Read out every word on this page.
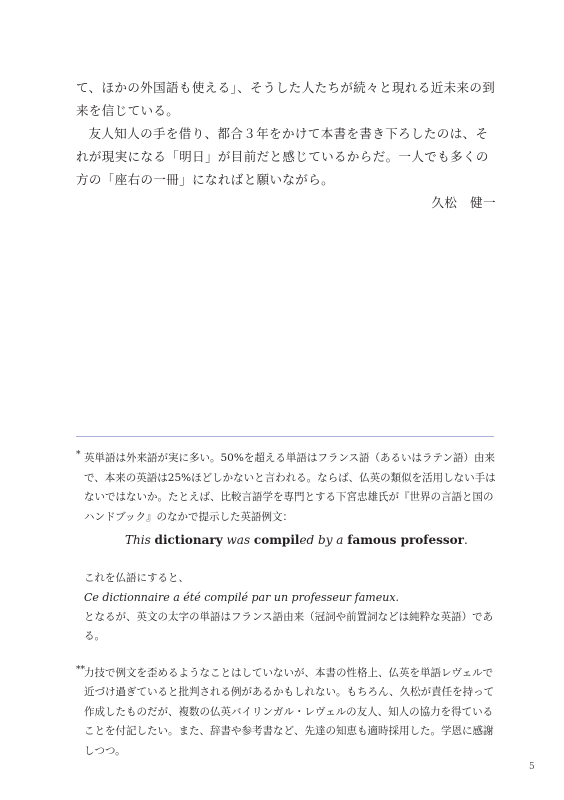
て、ほかの外国語も使える」、そうした人たちが続々と現れる近未来の到来を信じている。

友人知人の手を借り、都合３年をかけて本書を書き下ろしたのは、それが現実になる「明日」が目前だと感じているからだ。一人でも多くの方の「座右の一冊」になればと願いながら。

久松　健一

* 英単語は外来語が実に多い。50%を超える単語はフランス語（あるいはラテン語）由来で、本来の英語は25%ほどしかないと言われる。ならば、仏英の類似を活用しない手はないではないか。たとえば、比較言語学を専門とする下宮忠雄氏が『世界の言語と国のハンドブック』のなかで提示した英語例文：

This dictionary was compiled by a famous professor.

これを仏語にすると、

Ce dictionnaire a été compilé par un professeur fameux.

となるが、英文の太字の単語はフランス語由来（冠詞や前置詞などは純粋な英語）である。

** 力技で例文を歪めるようなことはしていないが、本書の性格上、仏英を単語レヴェルで近づけ過ぎていると批判される例があるかもしれない。もちろん、久松が責任を持って作成したものだが、複数の仏英バイリンガル・レヴェルの友人、知人の協力を得ていることを付記したい。また、辞書や参考書など、先達の知恵も適時採用した。学恩に感謝しつつ。

5
